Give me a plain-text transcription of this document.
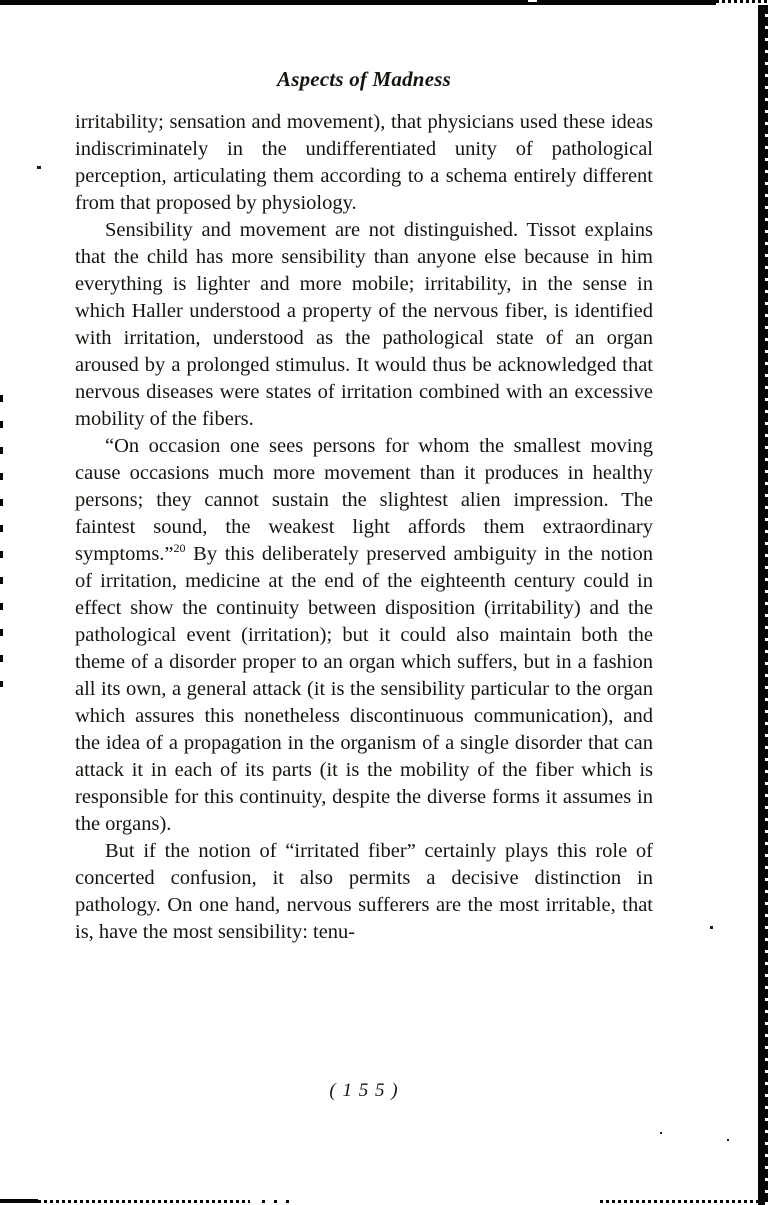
Aspects of Madness

irritability; sensation and movement), that physicians used these ideas indiscriminately in the undifferentiated unity of pathological perception, articulating them according to a schema entirely different from that proposed by physiology.

Sensibility and movement are not distinguished. Tissot explains that the child has more sensibility than anyone else because in him everything is lighter and more mobile; irritability, in the sense in which Haller understood a property of the nervous fiber, is identified with irritation, understood as the pathological state of an organ aroused by a prolonged stimulus. It would thus be acknowledged that nervous diseases were states of irritation combined with an excessive mobility of the fibers.

“On occasion one sees persons for whom the smallest moving cause occasions much more movement than it produces in healthy persons; they cannot sustain the slightest alien impression. The faintest sound, the weakest light affords them extraordinary symptoms.”$^{20}$ By this deliberately preserved ambiguity in the notion of irritation, medicine at the end of the eighteenth century could in effect show the continuity between disposition (irritability) and the pathological event (irritation); but it could also maintain both the theme of a disorder proper to an organ which suffers, but in a fashion all its own, a general attack (it is the sensibility particular to the organ which assures this nonetheless discontinuous communication), and the idea of a propagation in the organism of a single disorder that can attack it in each of its parts (it is the mobility of the fiber which is responsible for this continuity, despite the diverse forms it assumes in the organs).

But if the notion of “irritated fiber” certainly plays this role of concerted confusion, it also permits a decisive distinction in pathology. On one hand, nervous sufferers are the most irritable, that is, have the most sensibility: tenu-

( 1 5 5 )
